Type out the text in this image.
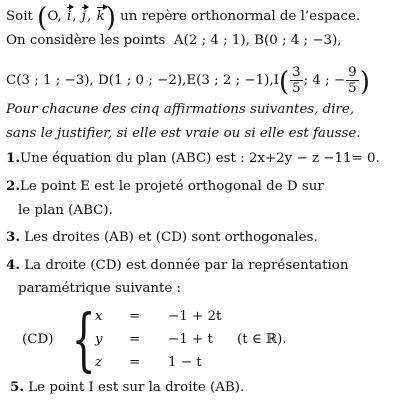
Soit (O, i, j, k) un repère orthonormal de l’espace.
On considère les points A(2 ; 4 ; 1), B(0 ; 4 ; −3),
C(3 ; 1 ; −3), D(1 ; 0 ; −2),E(3 ; 2 ; $-1),I( \frac{3}{5}$ ; 4 ; − $\frac{9}{5}$ )
Pour chacune des cinq affirmations suivantes, dire,
sans le justifier, si elle est vraie ou si elle est fausse.
1.Une équation du plan (ABC) est : 2x+2y − z −11= 0.
2.Le point E est le projeté orthogonal de D sur
le plan (ABC).
3. Les droites (AB) et (CD) sont orthogonales.
4. La droite (CD) est donnée par la représentation
paramétrique suivante :
(CD) { x = −1 + 2t
y = −1 + t
z = 1 − t
(t ∈ ℝ).
5. Le point I est sur la droite (AB).
